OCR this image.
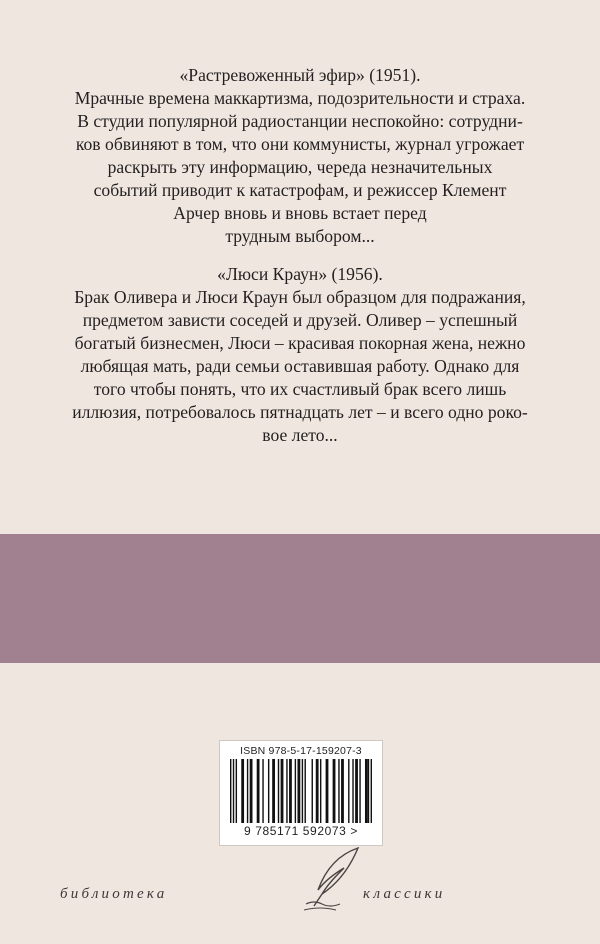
«Растревоженный эфир» (1951).
Мрачные времена маккартизма, подозрительности и страха.
В студии популярной радиостанции неспокойно: сотрудни-
ков обвиняют в том, что они коммунисты, журнал угрожает
раскрыть эту информацию, череда незначительных
событий приводит к катастрофам, и режиссер Клемент
Арчер вновь и вновь встает перед
трудным выбором...
«Люси Краун» (1956).
Брак Оливера и Люси Краун был образцом для подражания,
предметом зависти соседей и друзей. Оливер – успешный
богатый бизнесмен, Люси – красивая покорная жена, нежно
любящая мать, ради семьи оставившая работу. Однако для
того чтобы понять, что их счастливый брак всего лишь
иллюзия, потребовалось пятнадцать лет – и всего одно роко-
вое лето...
ISBN 978-5-17-159207-3
9 785171 592073 >
библиотека	классики
